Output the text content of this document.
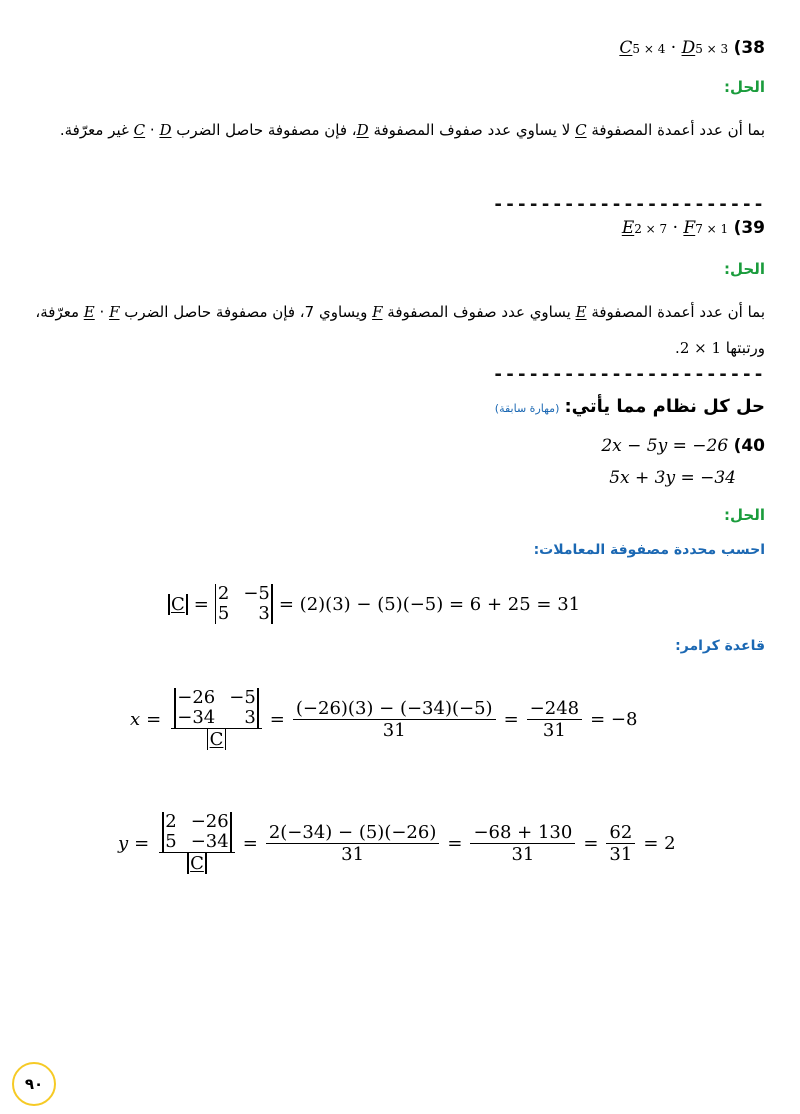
C5 × 4 · D5 × 3 (38
الحل:
بما أن عدد أعمدة المصفوفة C لا يساوي عدد صفوف المصفوفة D، فإن مصفوفة حاصل الضرب C · D غير معرّفة.
-----------------------
E2 × 7 · F7 × 1 (39
الحل:
بما أن عدد أعمدة المصفوفة E يساوي عدد صفوف المصفوفة F ويساوي 7، فإن مصفوفة حاصل الضرب E · F معرّفة، ورتبتها 2 × 1.
-----------------------
حل كل نظام مما يأتي: (مهارة سابقة)
2x − 5y = −26 (40
5x + 3y = −34
الحل:
احسب محددة مصفوفة المعاملات:
C = 2 −5
5 3 = (2)(3) − (5)(−5) = 6 + 25 = 31
قاعدة كرامر:
x = −26 −5
−34 3
$C = \frac{(-26)(3) - (-34)(-5)}{31} = \frac{-248}{31} = -8$
y = 2 −26
5 −34
$C = \frac{2(-34) - (5)(-26)}{31} = \frac{-68 + 130}{31} = \frac{62}{31} = 2$
٩٠
